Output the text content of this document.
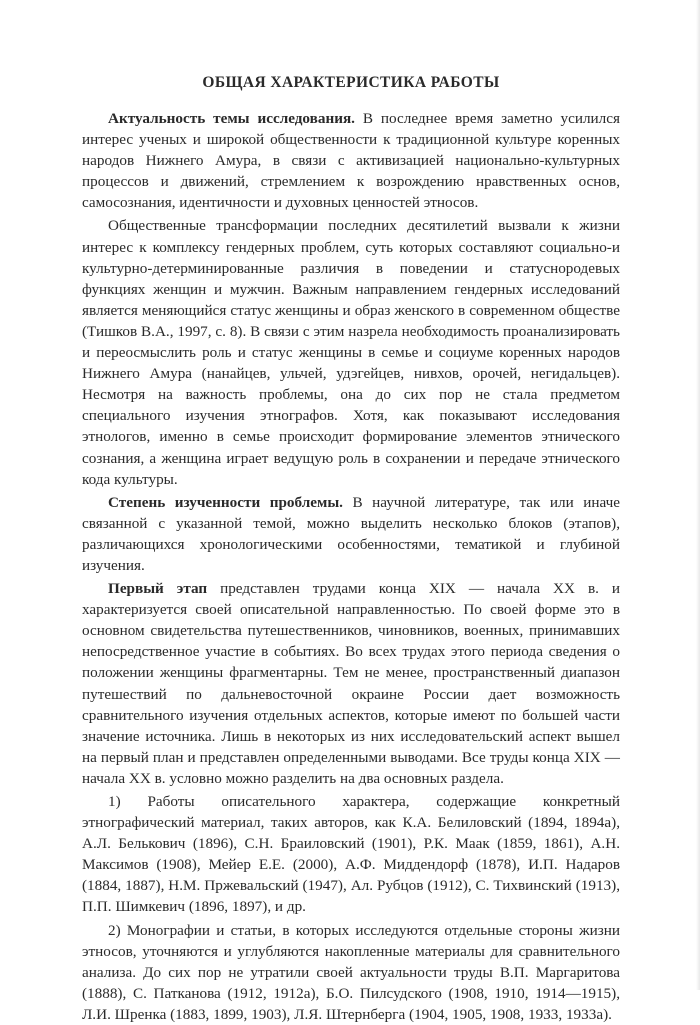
ОБЩАЯ ХАРАКТЕРИСТИКА РАБОТЫ

Актуальность темы исследования. В последнее время заметно усилился интерес ученых и широкой общественности к традиционной культуре коренных народов Нижнего Амура, в связи с активизацией национально-культурных процессов и движений, стремлением к возрождению нравственных основ, самосознания, идентичности и духовных ценностей этносов.

Общественные трансформации последних десятилетий вызвали к жизни интерес к комплексу гендерных проблем, суть которых составляют социально-и культурно-детерминированные различия в поведении и статуснородевых функциях женщин и мужчин. Важным направлением гендерных исследований является меняющийся статус женщины и образ женского в современном обществе (Тишков В.А., 1997, с. 8). В связи с этим назрела необходимость проанализировать и переосмыслить роль и статус женщины в семье и социуме коренных народов Нижнего Амура (нанайцев, ульчей, удэгейцев, нивхов, орочей, негидальцев). Несмотря на важность проблемы, она до сих пор не стала предметом специального изучения этнографов. Хотя, как показывают исследования этнологов, именно в семье происходит формирование элементов этнического сознания, а женщина играет ведущую роль в сохранении и передаче этнического кода культуры.

Степень изученности проблемы. В научной литературе, так или иначе связанной с указанной темой, можно выделить несколько блоков (этапов), различающихся хронологическими особенностями, тематикой и глубиной изучения.

Первый этап представлен трудами конца XIX — начала XX в. и характеризуется своей описательной направленностью. По своей форме это в основном свидетельства путешественников, чиновников, военных, принимавших непосредственное участие в событиях. Во всех трудах этого периода сведения о положении женщины фрагментарны. Тем не менее, пространственный диапазон путешествий по дальневосточной окраине России дает возможность сравнительного изучения отдельных аспектов, которые имеют по большей части значение источника. Лишь в некоторых из них исследовательский аспект вышел на первый план и представлен определенными выводами. Все труды конца XIX — начала XX в. условно можно разделить на два основных раздела.

1) Работы описательного характера, содержащие конкретный этнографический материал, таких авторов, как К.А. Белиловский (1894, 1894а), А.Л. Белькович (1896), С.Н. Браиловский (1901), Р.К. Маак (1859, 1861), А.Н. Максимов (1908), Мейер Е.Е. (2000), А.Ф. Миддендорф (1878), И.П. Надаров (1884, 1887), Н.М. Пржевальский (1947), Ал. Рубцов (1912), С. Тихвинский (1913), П.П. Шимкевич (1896, 1897), и др.

2) Монографии и статьи, в которых исследуются отдельные стороны жизни этносов, уточняются и углубляются накопленные материалы для сравнительного анализа. До сих пор не утратили своей актуальности труды В.П. Маргаритова (1888), С. Патканова (1912, 1912а), Б.О. Пилсудского (1908, 1910, 1914—1915), Л.И. Шренка (1883, 1899, 1903), Л.Я. Штернберга (1904, 1905, 1908, 1933, 1933а).
